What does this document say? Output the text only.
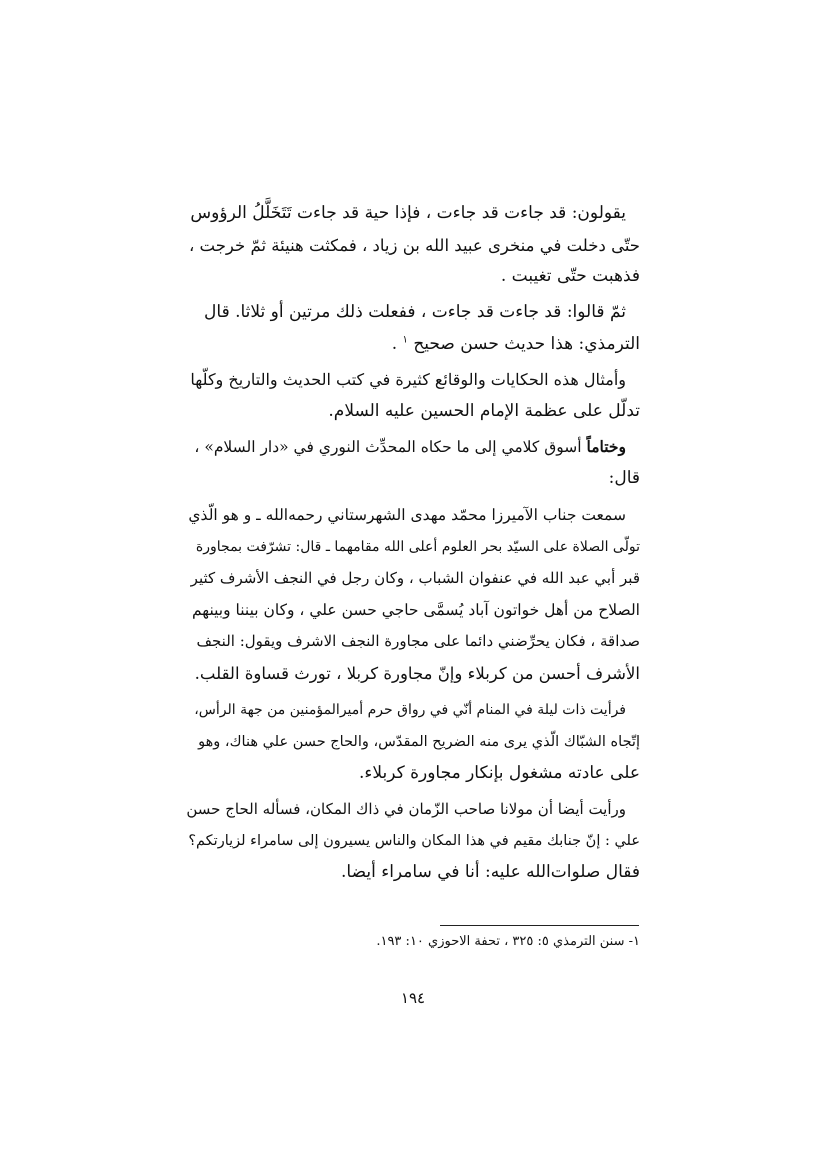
يقولون: قد جاءت قد جاءت ، فإذا حية قد جاءت تَتَخَلَّلُ الرؤوس
حتّى دخلت في منخرى عبيد الله بن زياد ، فمكثت هنيئة ثمّ خرجت ،
فذهبت حتّى تغيبت .
ثمّ قالوا: قد جاءت قد جاءت ، ففعلت ذلك مرتين أو ثلاثا. قال
الترمذي: هذا حديث حسن صحيح $^١$ .
وأمثال هذه الحكايات والوقائع كثيرة في كتب الحديث والتاريخ وكلّها
تدلّل على عظمة الإمام الحسين عليه السلام.
وختاماً أسوق كلامي إلى ما حكاه المحدِّث النوري في «دار السلام» ،
قال:
سمعت جناب الآميرزا محمّد مهدى الشهرستاني رحمه‌الله ـ و هو الّذي
تولّى الصلاة على السيّد بحر العلوم أعلى الله مقامهما ـ قال: تشرّفت بمجاورة
قبر أبي عبد الله في عنفوان الشباب ، وكان رجل في النجف الأشرف كثير
الصلاح من أهل خواتون آباد يُسمَّى حاجي حسن علي ، وكان بيننا وبينهم
صداقة ، فكان يحرِّضني دائما على مجاورة النجف الاشرف ويقول: النجف
الأشرف أحسن من كربلاء وإنّ مجاورة كربلا ، تورث قساوة القلب.
فرأيت ذات ليلة في المنام أنّي في رواق حرم أميرالمؤمنين من جهة الرأس،
إتّجاه الشبّاك الّذي يرى منه الضريح المقدّس، والحاج حسن علي هناك، وهو
على عادته مشغول بإنكار مجاورة كربلاء.
ورأيت أيضا أن مولانا صاحب الزّمان في ذاك المكان، فسأله الحاج حسن
علي : إنّ جنابك مقيم في هذا المكان والناس يسيرون إلى سامراء لزيارتكم؟
فقال صلوات‌الله عليه: أنا في سامراء أيضا.
١- سنن الترمذي ٥: ٣٢٥ ، تحفة الاحوزي ١٠: ١٩٣.
١٩٤
